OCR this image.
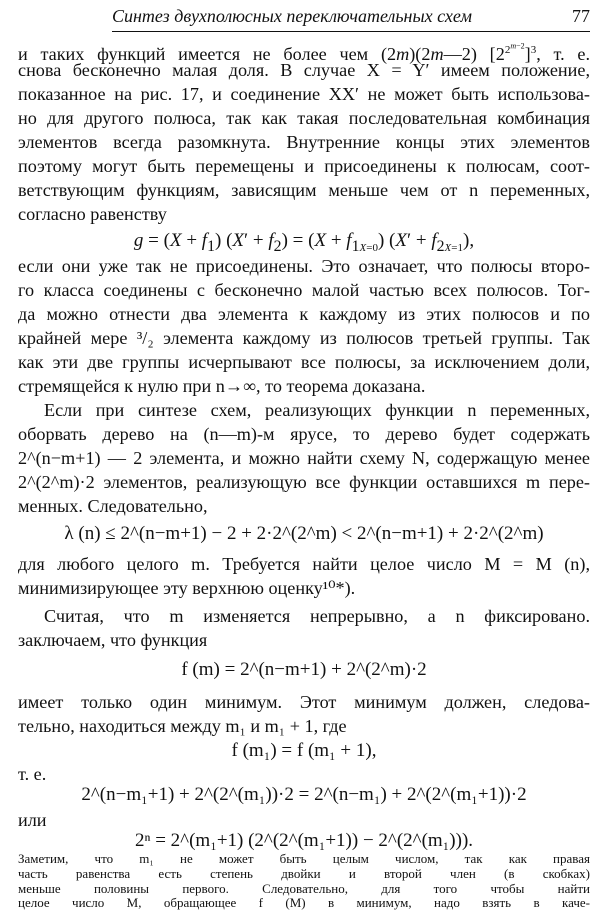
Синтез двухполюсных переключательных схем	77
и таких функций имеется не более чем (2m)(2m—2) $[2^{2^{m-2}}]^3$, т. е.
снова бесконечно малая доля. В случае X = Y′ имеем положение,
показанное на рис. 17, и соединение XX′ не может быть использова-
но для другого полюса, так как такая последовательная комбинация
элементов всегда разомкнута. Внутренние концы этих элементов
поэтому могут быть перемещены и присоединены к полюсам, соот-
ветствующим функциям, зависящим меньше чем от n переменных,
согласно равенству
$g = (X + f_1)$ $(X' + f_2) = (X + f_{1X=0})$ $(X' + f_{2X=1})$,
если они уже так не присоединены. Это означает, что полюсы второ-
го класса соединены с бесконечно малой частью всех полюсов. Тог-
да можно отнести два элемента к каждому из этих полюсов и по
крайней мере ³/₂ элемента каждому из полюсов третьей группы. Так
как эти две группы исчерпывают все полюсы, за исключением доли,
стремящейся к нулю при n→∞, то теорема доказана.
Если при синтезе схем, реализующих функции n переменных,
оборвать дерево на (n—m)-м ярусе, то дерево будет содержать
2^(n−m+1) — 2 элемента, и можно найти схему N, содержащую менее
2^(2^m)·2 элементов, реализующую все функции оставшихся m пере-
менных. Следовательно,
λ (n) ≤ 2^(n−m+1) − 2 + 2·2^(2^m) < 2^(n−m+1) + 2·2^(2^m)
для любого целого m. Требуется найти целое число M = M (n),
минимизирующее эту верхнюю оценку¹⁰*).
Считая, что m изменяется непрерывно, а n фиксировано.
заключаем, что функция
f (m) = 2^(n−m+1) + 2^(2^m)·2
имеет только один минимум. Этот минимум должен, следова-
тельно, находиться между m₁ и m₁ + 1, где
f (m₁) = f (m₁ + 1),
т. е.
2^(n−m₁+1) + 2^(2^(m₁))·2 = 2^(n−m₁) + 2^(2^(m₁+1))·2
или
2ⁿ = 2^(m₁+1) (2^(2^(m₁+1)) − 2^(2^(m₁))).
Заметим, что m₁ не может быть целым числом, так как правая
часть равенства есть степень двойки и второй член (в скобках)
меньше половины первого. Следовательно, для того чтобы найти
целое число M, обращающее f (M) в минимум, надо взять в каче-
